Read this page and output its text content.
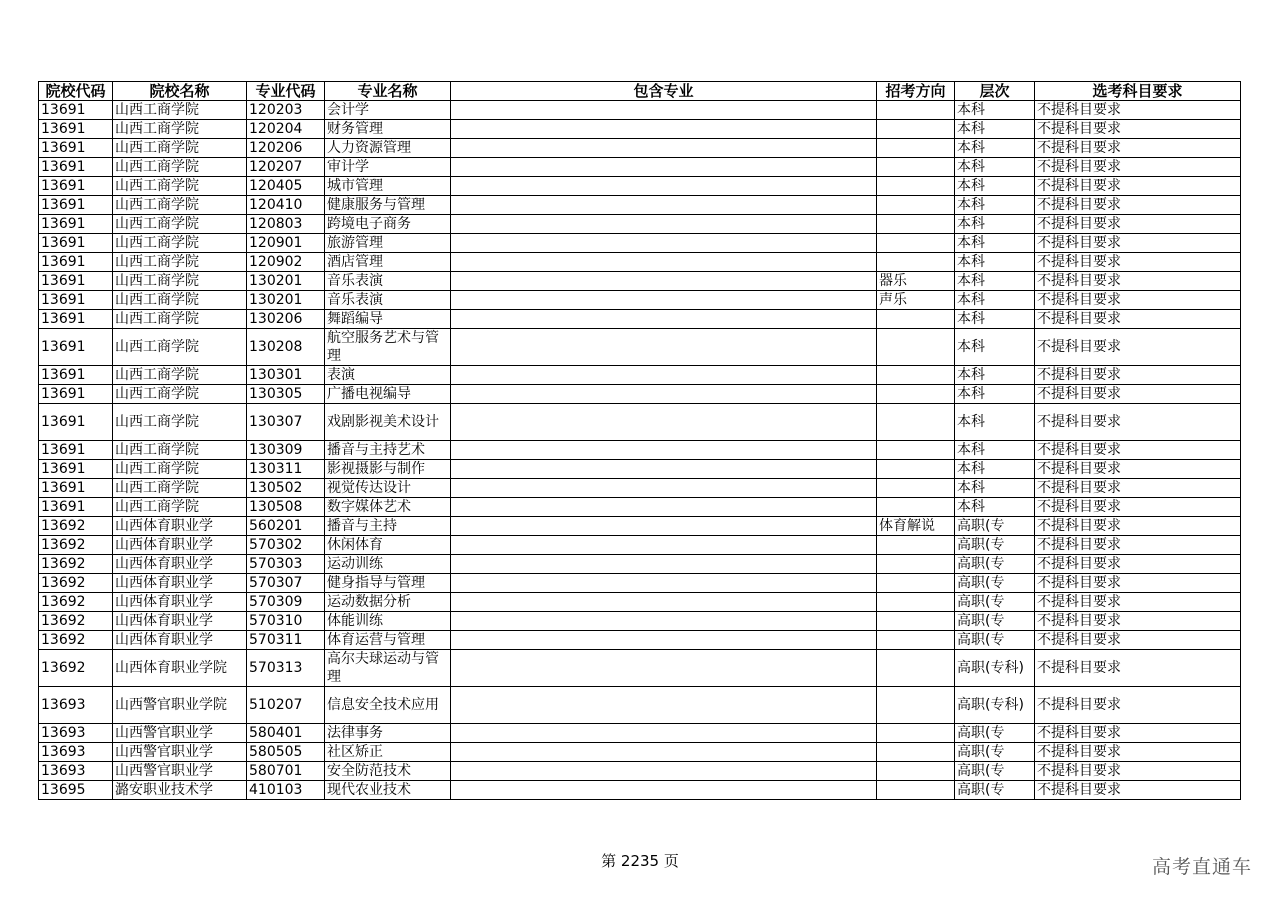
院校代码	院校名称	专业代码	专业名称	包含专业	招考方向	层次	选考科目要求
13691	山西工商学院	120203	会计学			本科	不提科目要求
13691	山西工商学院	120204	财务管理			本科	不提科目要求
13691	山西工商学院	120206	人力资源管理			本科	不提科目要求
13691	山西工商学院	120207	审计学			本科	不提科目要求
13691	山西工商学院	120405	城市管理			本科	不提科目要求
13691	山西工商学院	120410	健康服务与管理			本科	不提科目要求
13691	山西工商学院	120803	跨境电子商务			本科	不提科目要求
13691	山西工商学院	120901	旅游管理			本科	不提科目要求
13691	山西工商学院	120902	酒店管理			本科	不提科目要求
13691	山西工商学院	130201	音乐表演		器乐	本科	不提科目要求
13691	山西工商学院	130201	音乐表演		声乐	本科	不提科目要求
13691	山西工商学院	130206	舞蹈编导			本科	不提科目要求
13691	山西工商学院	130208	航空服务艺术与管理			本科	不提科目要求
13691	山西工商学院	130301	表演			本科	不提科目要求
13691	山西工商学院	130305	广播电视编导			本科	不提科目要求
13691	山西工商学院	130307	戏剧影视美术设计			本科	不提科目要求
13691	山西工商学院	130309	播音与主持艺术			本科	不提科目要求
13691	山西工商学院	130311	影视摄影与制作			本科	不提科目要求
13691	山西工商学院	130502	视觉传达设计			本科	不提科目要求
13691	山西工商学院	130508	数字媒体艺术			本科	不提科目要求
13692	山西体育职业学	560201	播音与主持		体育解说	高职(专	不提科目要求
13692	山西体育职业学	570302	休闲体育			高职(专	不提科目要求
13692	山西体育职业学	570303	运动训练			高职(专	不提科目要求
13692	山西体育职业学	570307	健身指导与管理			高职(专	不提科目要求
13692	山西体育职业学	570309	运动数据分析			高职(专	不提科目要求
13692	山西体育职业学	570310	体能训练			高职(专	不提科目要求
13692	山西体育职业学	570311	体育运营与管理			高职(专	不提科目要求
13692	山西体育职业学院	570313	高尔夫球运动与管理			高职(专科)	不提科目要求
13693	山西警官职业学院	510207	信息安全技术应用			高职(专科)	不提科目要求
13693	山西警官职业学	580401	法律事务			高职(专	不提科目要求
13693	山西警官职业学	580505	社区矫正			高职(专	不提科目要求
13693	山西警官职业学	580701	安全防范技术			高职(专	不提科目要求
13695	潞安职业技术学	410103	现代农业技术			高职(专	不提科目要求
第 2235 页	高考直通车
